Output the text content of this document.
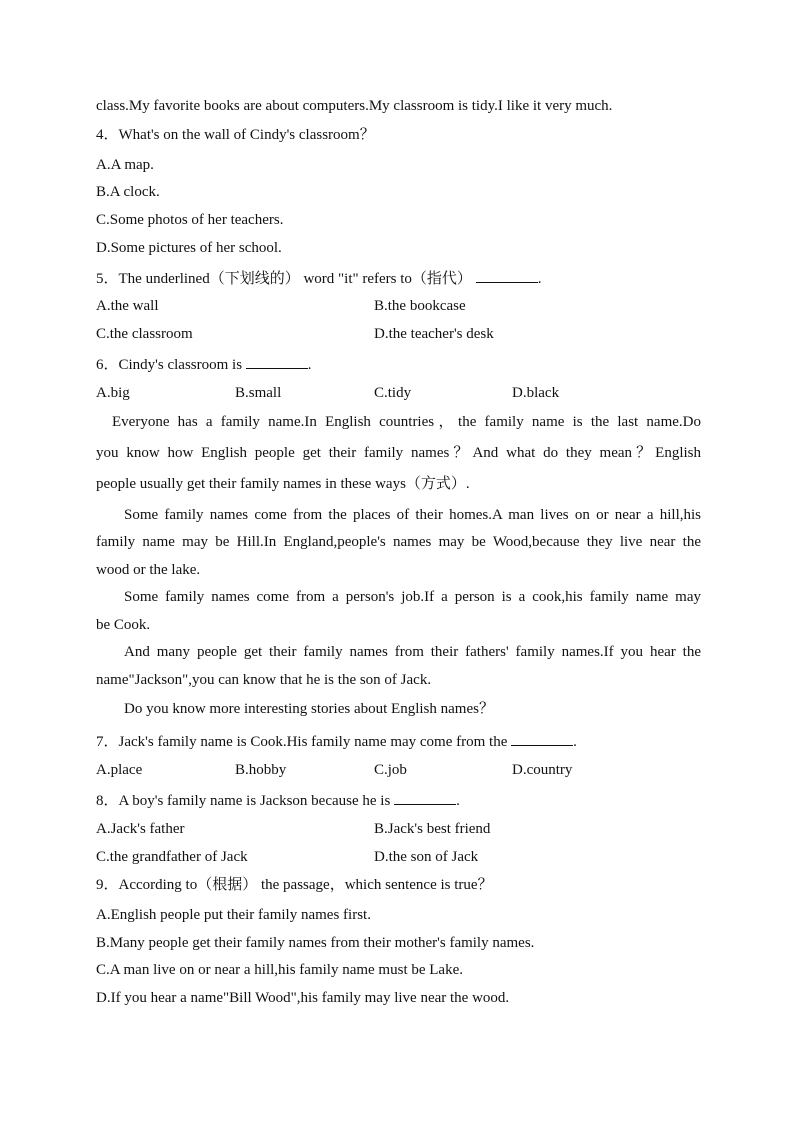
class.My favorite books are about computers.My classroom is tidy.I like it very much.
4．What's on the wall of Cindy's classroom？
A.A map.
B.A clock.
C.Some photos of her teachers.
D.Some pictures of her school.
5．The underlined（下划线的） word "it" refers to（指代）	.
A.the wall	B.the bookcase
C.the classroom	D.the teacher's desk
6．Cindy's classroom is	.
A.big	B.small	C.tidy	D.black
Everyone has a family name.In English countries，the family name is the last name.Do
you know how English people get their family names？And what do they mean？English
people usually get their family names in these ways（方式）.
Some family names come from the places of their homes.A man lives on or near a hill,his
family name may be Hill.In England,people's names may be Wood,because they live near the
wood or the lake.
Some family names come from a person's job.If a person is a cook,his family name may
be Cook.
And many people get their family names from their fathers' family names.If you hear the
name"Jackson",you can know that he is the son of Jack.
Do you know more interesting stories about English names？
7．Jack's family name is Cook.His family name may come from the	.
A.place	B.hobby	C.job	D.country
8．A boy's family name is Jackson because he is	.
A.Jack's father	B.Jack's best friend
C.the grandfather of Jack	D.the son of Jack
9．According to（根据） the passage，which sentence is true？
A.English people put their family names first.
B.Many people get their family names from their mother's family names.
C.A man live on or near a hill,his family name must be Lake.
D.If you hear a name"Bill Wood",his family may live near the wood.
